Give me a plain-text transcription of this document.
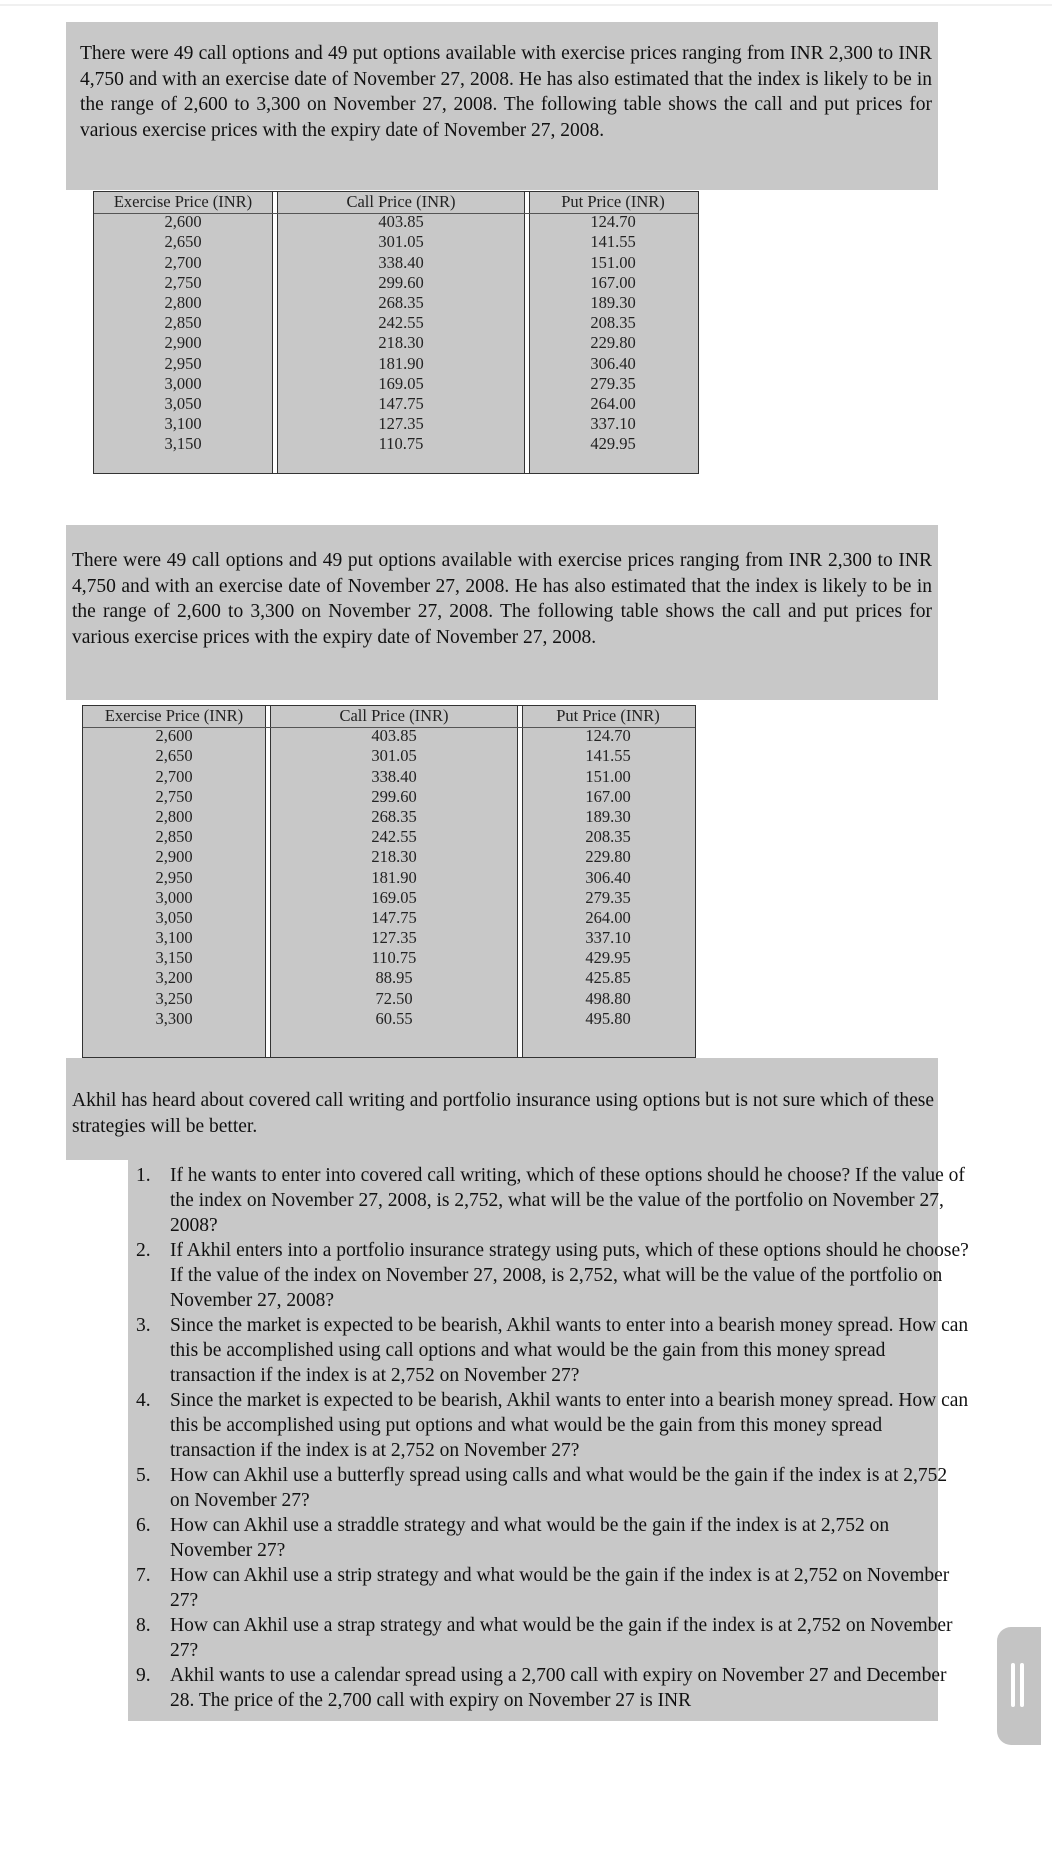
There were 49 call options and 49 put options available with exercise prices ranging from INR 2,300 to INR 4,750 and with an exercise date of November 27, 2008. He has also estimated that the index is likely to be in the range of 2,600 to 3,300 on November 27, 2008. The following table shows the call and put prices for various exercise prices with the expiry date of November 27, 2008.

Exercise Price (INR)
2,600
2,650
2,700
2,750
2,800
2,850
2,900
2,950
3,000
3,050
3,100
3,150
Call Price (INR)
403.85
301.05
338.40
299.60
268.35
242.55
218.30
181.90
169.05
147.75
127.35
110.75
Put Price (INR)
124.70
141.55
151.00
167.00
189.30
208.35
229.80
306.40
279.35
264.00
337.10
429.95

There were 49 call options and 49 put options available with exercise prices ranging from INR 2,300 to INR 4,750 and with an exercise date of November 27, 2008. He has also estimated that the index is likely to be in the range of 2,600 to 3,300 on November 27, 2008. The following table shows the call and put prices for various exercise prices with the expiry date of November 27, 2008.

Exercise Price (INR)
2,600
2,650
2,700
2,750
2,800
2,850
2,900
2,950
3,000
3,050
3,100
3,150
3,200
3,250
3,300
Call Price (INR)
403.85
301.05
338.40
299.60
268.35
242.55
218.30
181.90
169.05
147.75
127.35
110.75
88.95
72.50
60.55
Put Price (INR)
124.70
141.55
151.00
167.00
189.30
208.35
229.80
306.40
279.35
264.00
337.10
429.95
425.85
498.80
495.80

Akhil has heard about covered call writing and portfolio insurance using options but is not sure which of these strategies will be better.

1. If he wants to enter into covered call writing, which of these options should he choose? If the value of the index on November 27, 2008, is 2,752, what will be the value of the portfolio on November 27, 2008?
2. If Akhil enters into a portfolio insurance strategy using puts, which of these options should he choose? If the value of the index on November 27, 2008, is 2,752, what will be the value of the portfolio on November 27, 2008?
3. Since the market is expected to be bearish, Akhil wants to enter into a bearish money spread. How can this be accomplished using call options and what would be the gain from this money spread transaction if the index is at 2,752 on November 27?
4. Since the market is expected to be bearish, Akhil wants to enter into a bearish money spread. How can this be accomplished using put options and what would be the gain from this money spread transaction if the index is at 2,752 on November 27?
5. How can Akhil use a butterfly spread using calls and what would be the gain if the index is at 2,752 on November 27?
6. How can Akhil use a straddle strategy and what would be the gain if the index is at 2,752 on November 27?
7. How can Akhil use a strip strategy and what would be the gain if the index is at 2,752 on November 27?
8. How can Akhil use a strap strategy and what would be the gain if the index is at 2,752 on November 27?
9. Akhil wants to use a calendar spread using a 2,700 call with expiry on November 27 and December 28. The price of the 2,700 call with expiry on November 27 is INR
